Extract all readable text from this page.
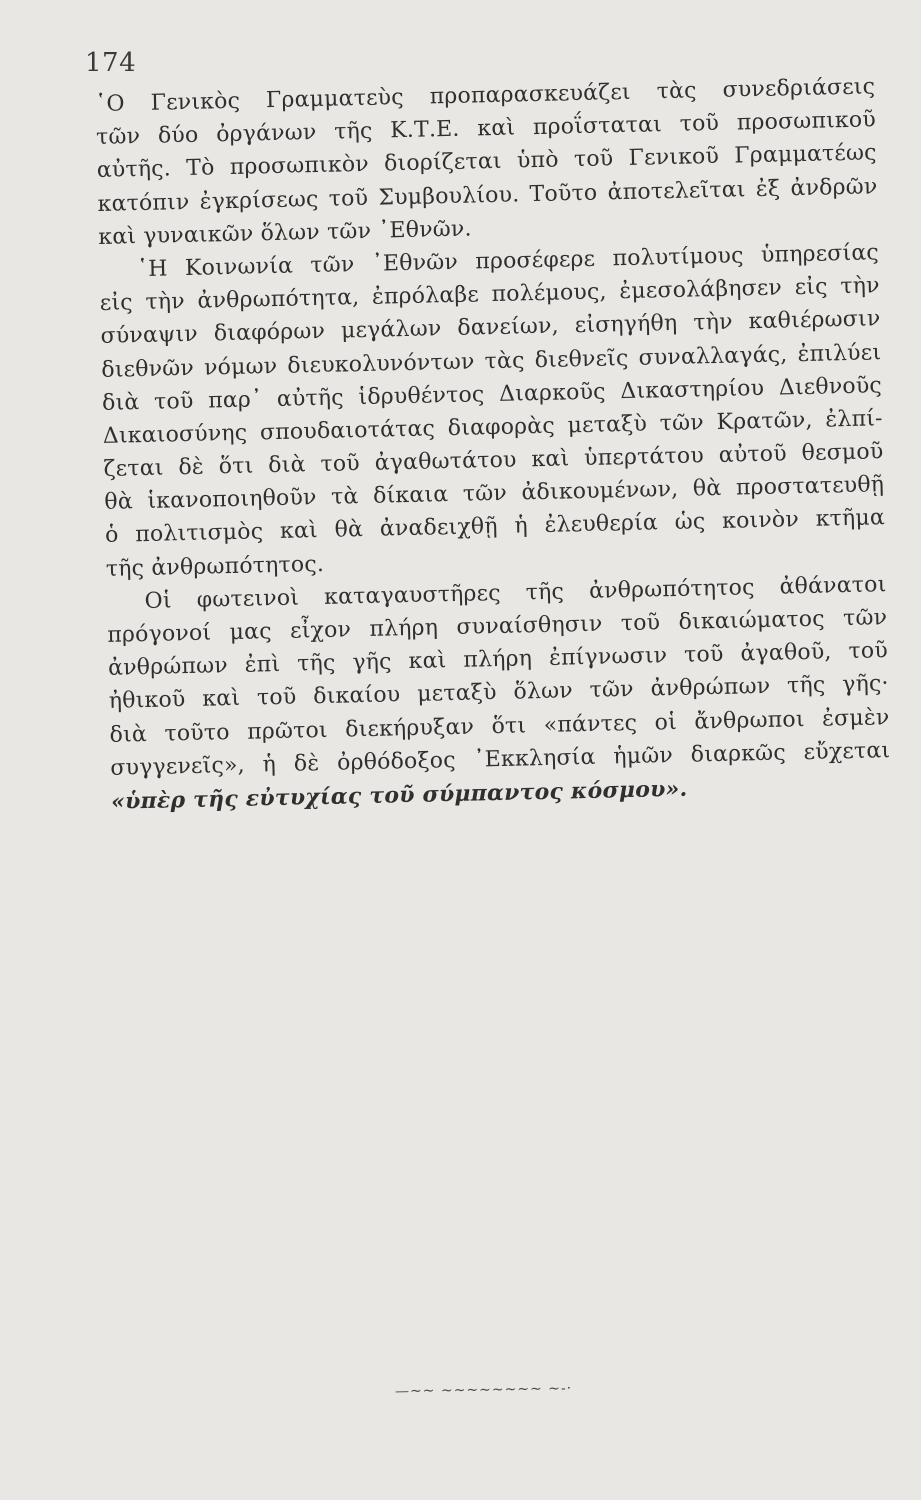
174
῾Ο Γενικὸς Γραμματεὺς προπαρασκευάζει τὰς συνεδριάσεις
τῶν δύο ὀργάνων τῆς Κ.Τ.Ε. καὶ προΐσταται τοῦ προσωπικοῦ
αὐτῆς. Τὸ προσωπικὸν διορίζεται ὑπὸ τοῦ Γενικοῦ Γραμματέως
κατόπιν ἐγκρίσεως τοῦ Συμβουλίου. Τοῦτο ἀποτελεῖται ἐξ ἀνδρῶν
καὶ γυναικῶν ὅλων τῶν ᾿Εθνῶν.
῾Η Κοινωνία τῶν ᾿Εθνῶν προσέφερε πολυτίμους ὑπηρεσίας
εἰς τὴν ἀνθρωπότητα, ἐπρόλαβε πολέμους, ἐμεσολάβησεν εἰς τὴν
σύναψιν διαφόρων μεγάλων δανείων, εἰσηγήθη τὴν καθιέρωσιν
διεθνῶν νόμων διευκολυνόντων τὰς διεθνεῖς συναλλαγάς, ἐπιλύει
διὰ τοῦ παρ᾿ αὐτῆς ἱδρυθέντος Διαρκοῦς Δικαστηρίου Διεθνοῦς
Δικαιοσύνης σπουδαιοτάτας διαφορὰς μεταξὺ τῶν Κρατῶν, ἐλπί-
ζεται δὲ ὅτι διὰ τοῦ ἀγαθωτάτου καὶ ὑπερτάτου αὐτοῦ θεσμοῦ
θὰ ἱκανοποιηθοῦν τὰ δίκαια τῶν ἀδικουμένων, θὰ προστατευθῇ
ὁ πολιτισμὸς καὶ θὰ ἀναδειχθῇ ἡ ἐλευθερία ὡς κοινὸν κτῆμα
τῆς ἀνθρωπότητος.
Οἱ φωτεινοὶ καταγαυστῆρες τῆς ἀνθρωπότητος ἀθάνατοι
πρόγονοί μας εἶχον πλήρη συναίσθησιν τοῦ δικαιώματος τῶν
ἀνθρώπων ἐπὶ τῆς γῆς καὶ πλήρη ἐπίγνωσιν τοῦ ἀγαθοῦ, τοῦ
ἠθικοῦ καὶ τοῦ δικαίου μεταξὺ ὅλων τῶν ἀνθρώπων τῆς γῆς·
διὰ τοῦτο πρῶτοι διεκήρυξαν ὅτι «πάντες οἱ ἄνθρωποι ἐσμὲν
συγγενεῖς», ἡ δὲ ὀρθόδοξος ᾿Εκκλησία ἡμῶν διαρκῶς εὔχεται
«ὑπὲρ τῆς εὐτυχίας τοῦ σύμπαντος κόσμου».
—~~ ~~~~~~~~ ~-·
